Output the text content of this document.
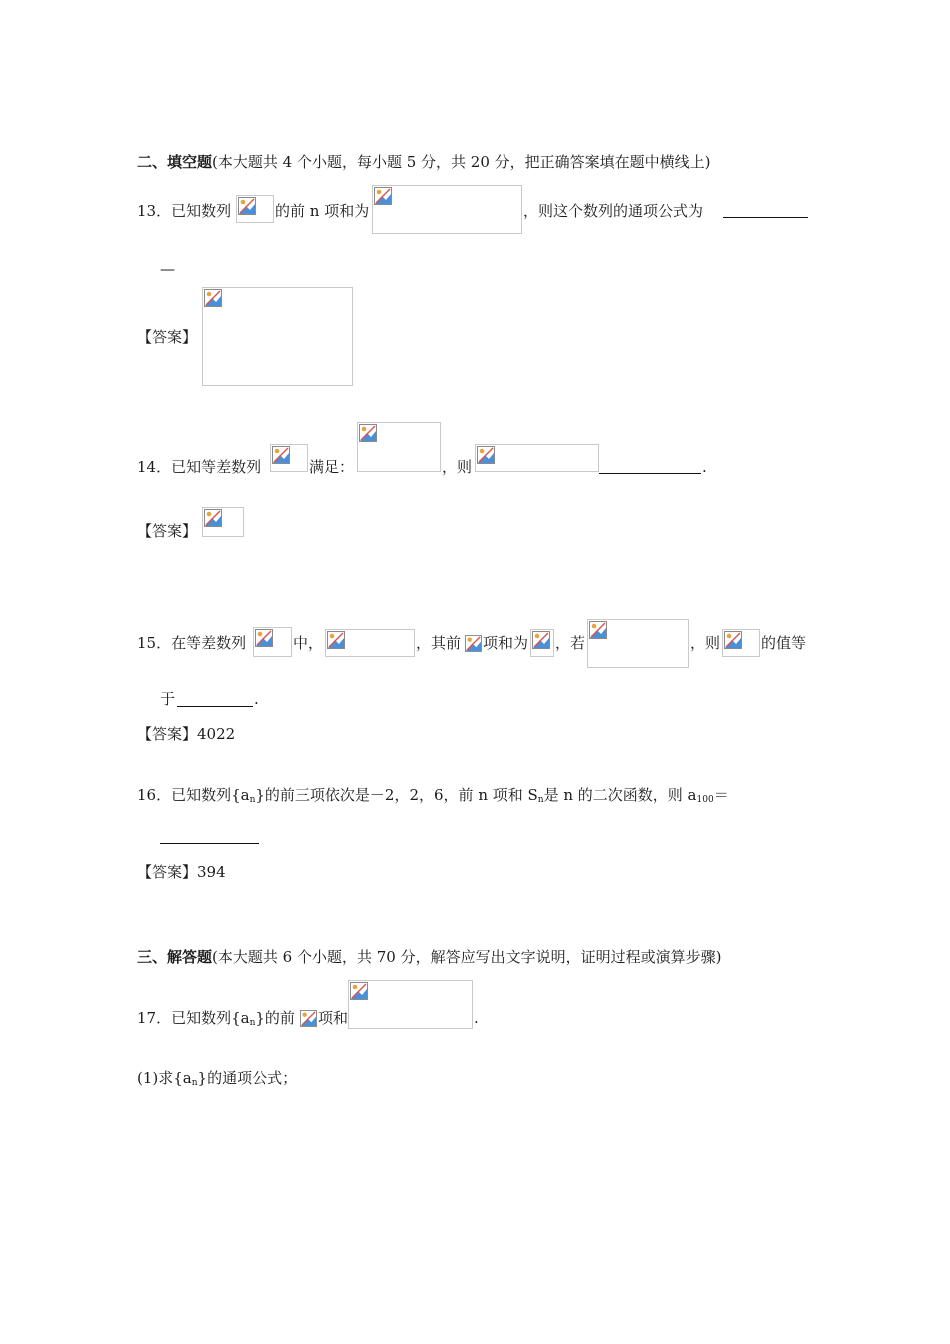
二、填空题(本大题共 4 个小题，每小题 5 分，共 20 分，把正确答案填在题中横线上)
13．已知数列	的前 n 项和为	，则这个数列的通项公式为
—
【答案】
14．已知等差数列	满足：	，则	.
【答案】
15．在等差数列	中，	，其前 项和为 ，若	，则	的值等
于	.
【答案】4022
16．已知数列$\{a_n\}$的前三项依次是－2，2，6，前 n 项和 $S_n$是 n 的二次函数，则 $a_{100}=$
【答案】394
三、解答题(本大题共 6 个小题，共 70 分，解答应写出文字说明，证明过程或演算步骤)
17．已知数列$\{a_n\}$的前 项和	.
(1)求$\{a_n\}$的通项公式；
